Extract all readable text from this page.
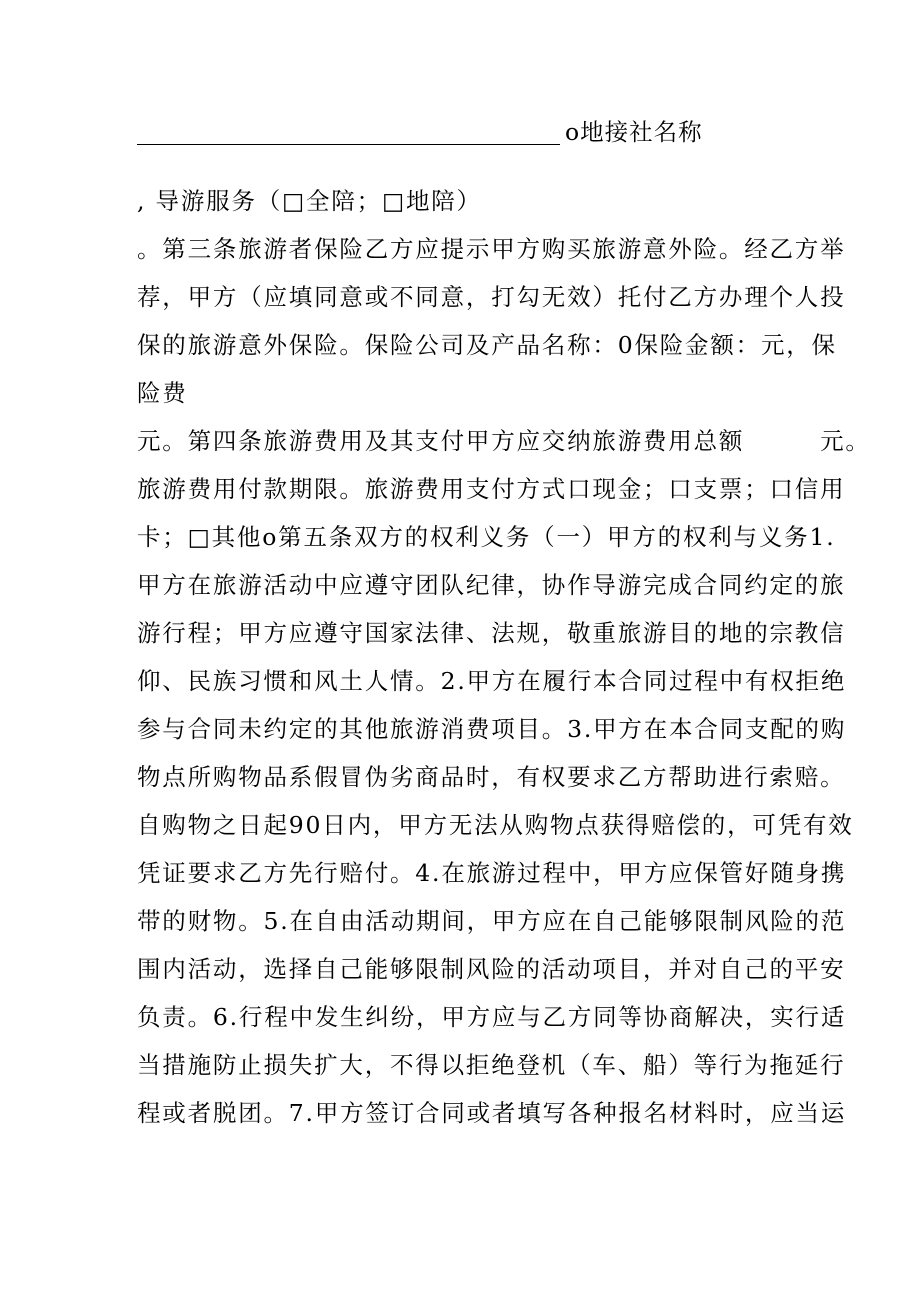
o地接社名称
, 导游服务（□全陪；□地陪）
。第三条旅游者保险乙方应提示甲方购买旅游意外险。经乙方举
荐，甲方（应填同意或不同意，打勾无效）托付乙方办理个人投
保的旅游意外保险。保险公司及产品名称：0保险金额：元，保
险费
元。第四条旅游费用及其支付甲方应交纳旅游费用总额　　　元。
旅游费用付款期限。旅游费用支付方式口现金；口支票；口信用
卡；□其他o第五条双方的权利义务（一）甲方的权利与义务1.
甲方在旅游活动中应遵守团队纪律，协作导游完成合同约定的旅
游行程；甲方应遵守国家法律、法规，敬重旅游目的地的宗教信
仰、民族习惯和风土人情。2.甲方在履行本合同过程中有权拒绝
参与合同未约定的其他旅游消费项目。3.甲方在本合同支配的购
物点所购物品系假冒伪劣商品时，有权要求乙方帮助进行索赔。
自购物之日起90日内，甲方无法从购物点获得赔偿的，可凭有效
凭证要求乙方先行赔付。4.在旅游过程中，甲方应保管好随身携
带的财物。5.在自由活动期间，甲方应在自己能够限制风险的范
围内活动，选择自己能够限制风险的活动项目，并对自己的平安
负责。6.行程中发生纠纷，甲方应与乙方同等协商解决，实行适
当措施防止损失扩大，不得以拒绝登机（车、船）等行为拖延行
程或者脱团。7.甲方签订合同或者填写各种报名材料时，应当运
